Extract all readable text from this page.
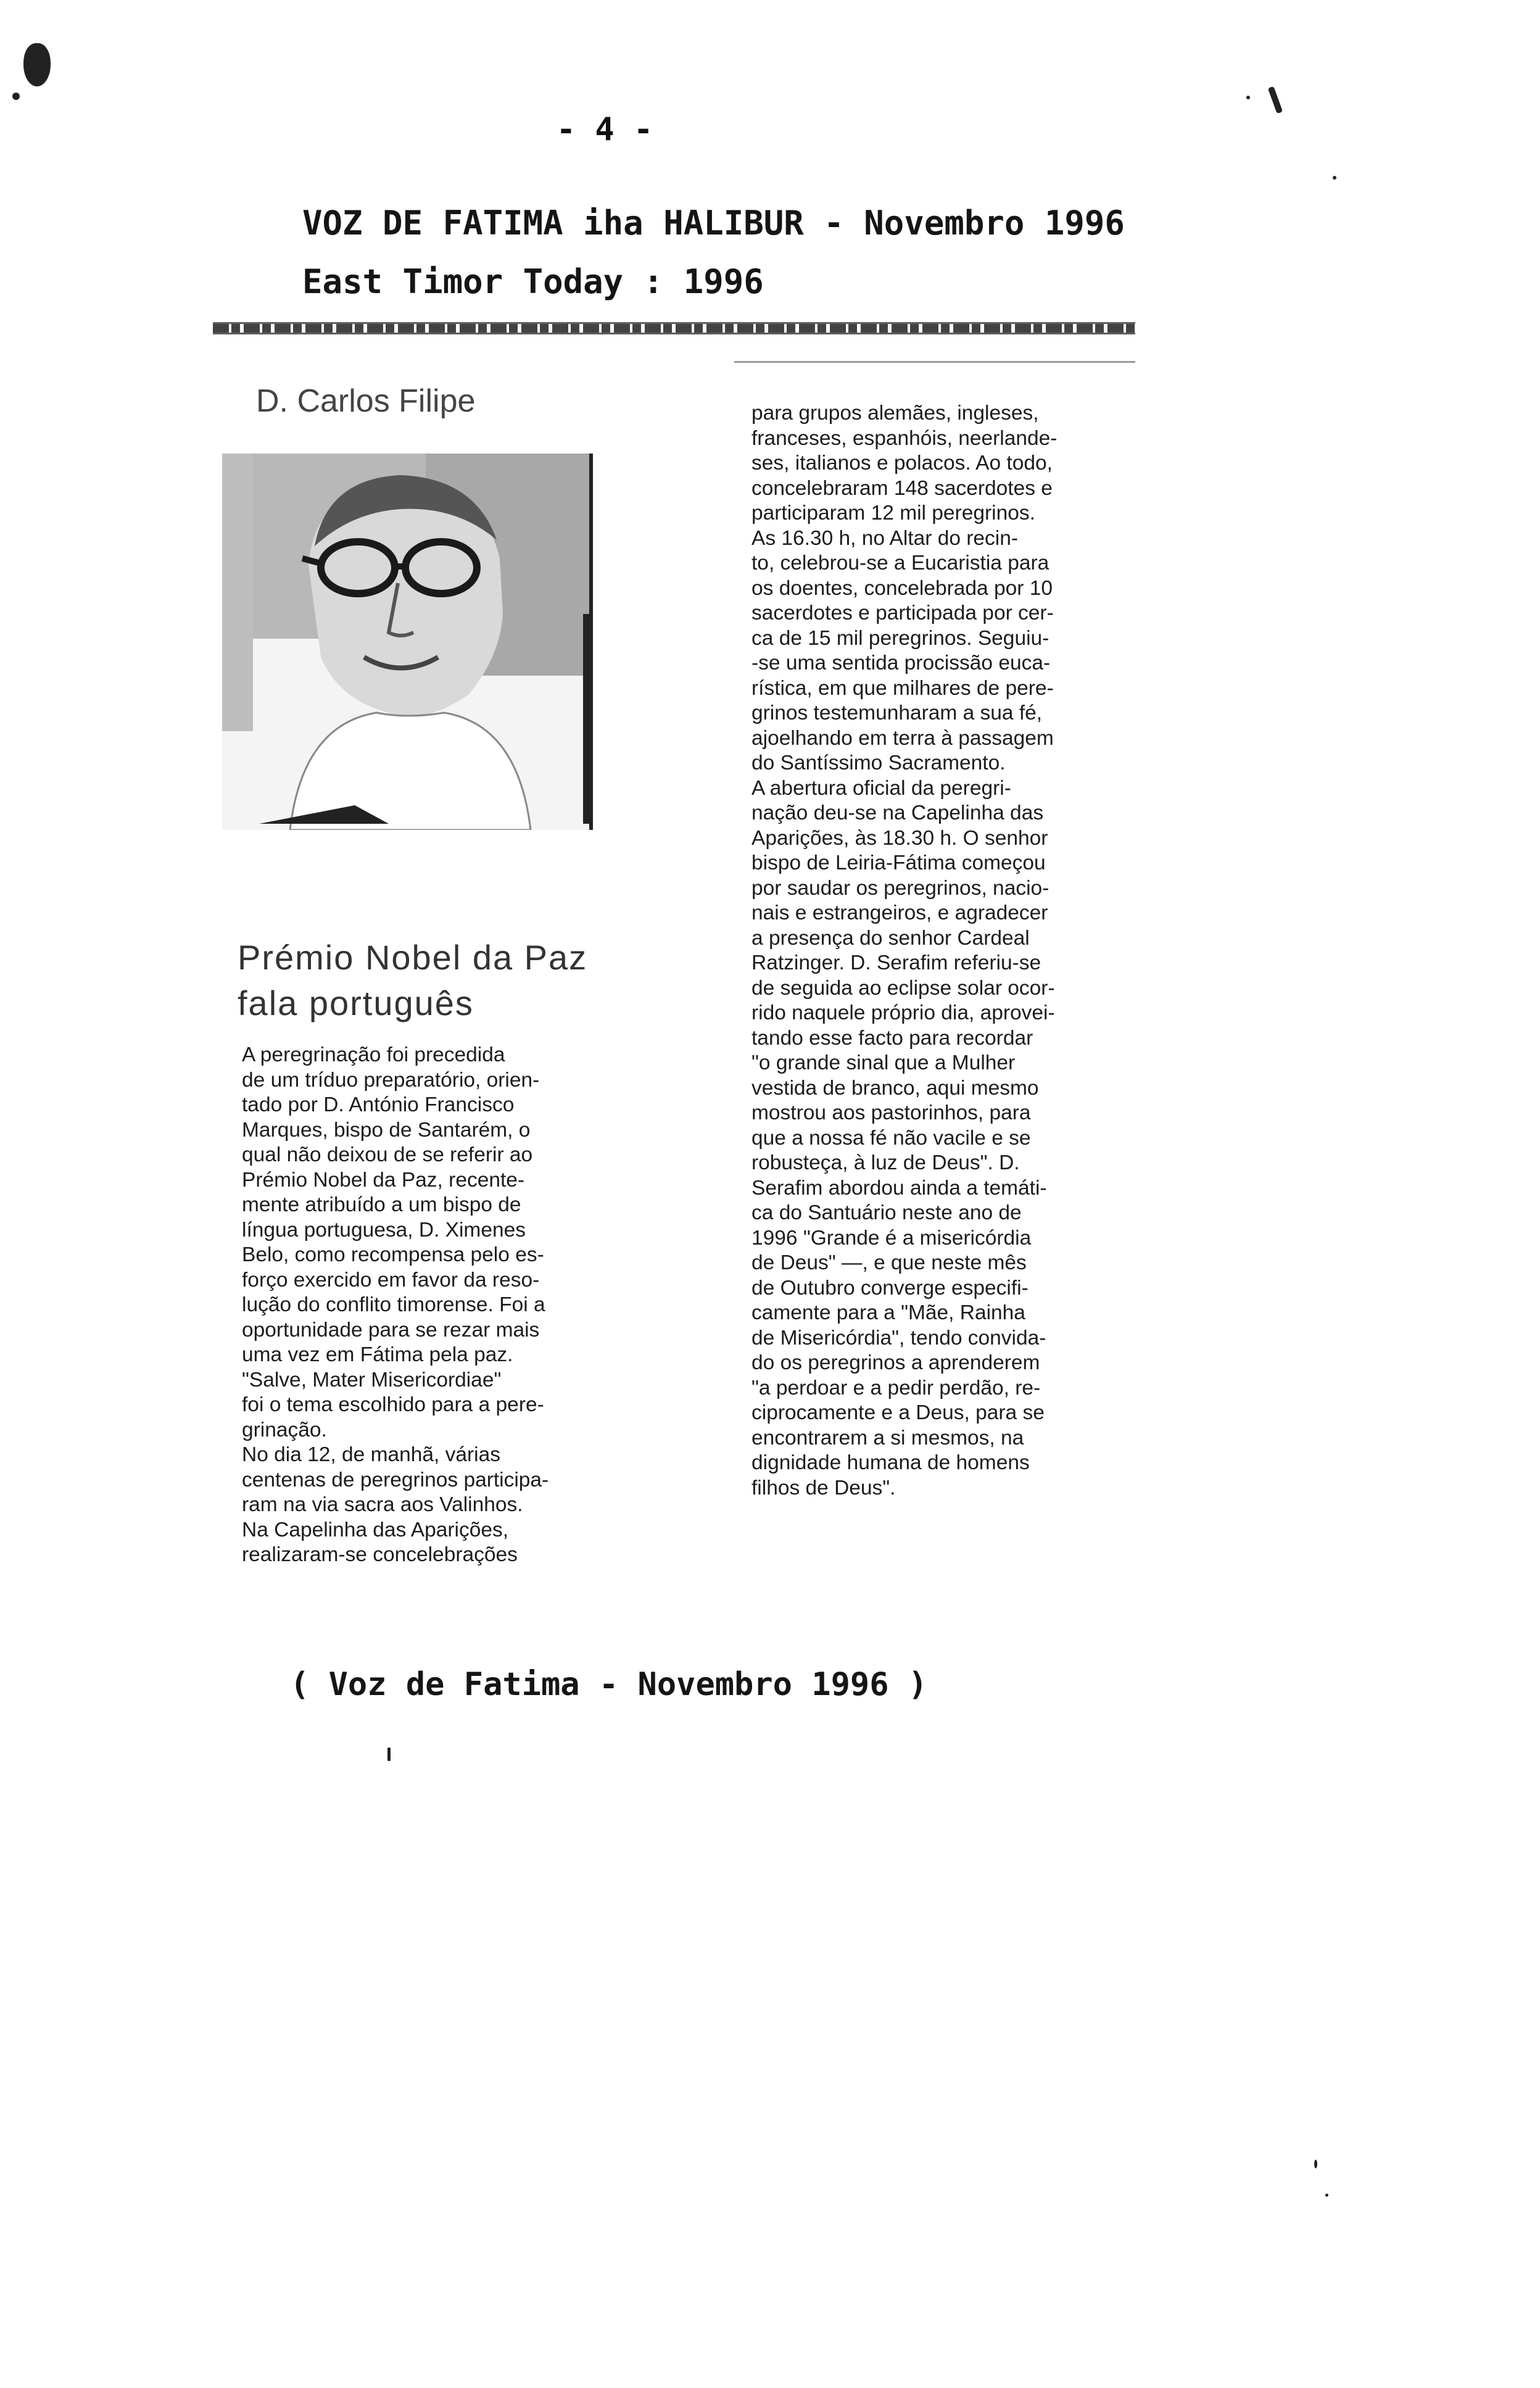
- 4 -
VOZ DE FATIMA iha HALIBUR - Novembro 1996
East Timor Today : 1996
D. Carlos Filipe
Prémio Nobel da Paz
fala português
A peregrinação foi precedida
de um tríduo preparatório, orien-
tado por D. António Francisco
Marques, bispo de Santarém, o
qual não deixou de se referir ao
Prémio Nobel da Paz, recente-
mente atribuído a um bispo de
língua portuguesa, D. Ximenes
Belo, como recompensa pelo es-
forço exercido em favor da reso-
lução do conflito timorense. Foi a
oportunidade para se rezar mais
uma vez em Fátima pela paz.
"Salve, Mater Misericordiae"
foi o tema escolhido para a pere-
grinação.
No dia 12, de manhã, várias
centenas de peregrinos participa-
ram na via sacra aos Valinhos.
Na Capelinha das Aparições,
realizaram-se concelebrações
para grupos alemães, ingleses,
franceses, espanhóis, neerlande-
ses, italianos e polacos. Ao todo,
concelebraram 148 sacerdotes e
participaram 12 mil peregrinos.
As 16.30 h, no Altar do recin-
to, celebrou-se a Eucaristia para
os doentes, concelebrada por 10
sacerdotes e participada por cer-
ca de 15 mil peregrinos. Seguiu-
-se uma sentida procissão euca-
rística, em que milhares de pere-
grinos testemunharam a sua fé,
ajoelhando em terra à passagem
do Santíssimo Sacramento.
A abertura oficial da peregri-
nação deu-se na Capelinha das
Aparições, às 18.30 h. O senhor
bispo de Leiria-Fátima começou
por saudar os peregrinos, nacio-
nais e estrangeiros, e agradecer
a presença do senhor Cardeal
Ratzinger. D. Serafim referiu-se
de seguida ao eclipse solar ocor-
rido naquele próprio dia, aprovei-
tando esse facto para recordar
"o grande sinal que a Mulher
vestida de branco, aqui mesmo
mostrou aos pastorinhos, para
que a nossa fé não vacile e se
robusteça, à luz de Deus". D.
Serafim abordou ainda a temáti-
ca do Santuário neste ano de
1996 "Grande é a misericórdia
de Deus" —, e que neste mês
de Outubro converge especifi-
camente para a "Mãe, Rainha
de Misericórdia", tendo convida-
do os peregrinos a aprenderem
"a perdoar e a pedir perdão, re-
ciprocamente e a Deus, para se
encontrarem a si mesmos, na
dignidade humana de homens
filhos de Deus".
( Voz de Fatima - Novembro 1996 )
